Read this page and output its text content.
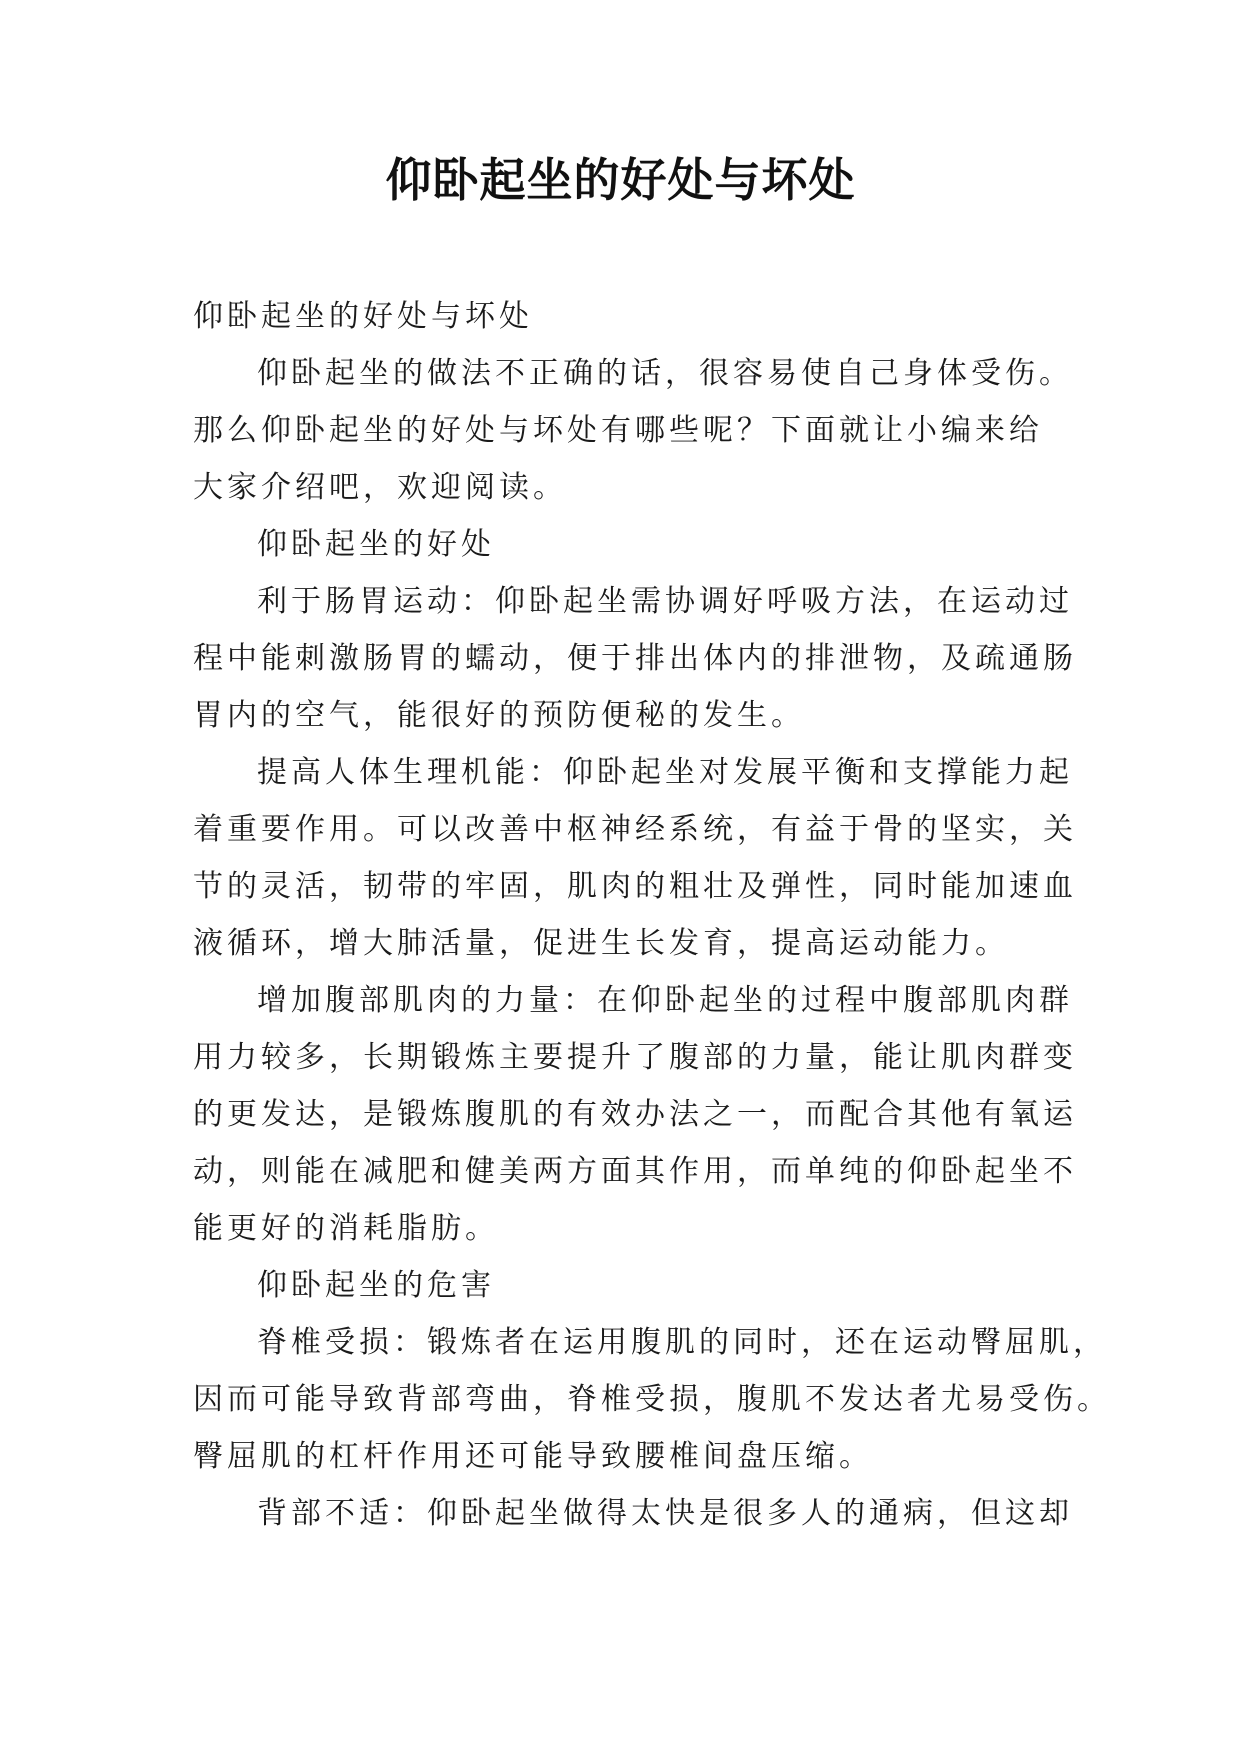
仰卧起坐的好处与坏处
仰卧起坐的好处与坏处
仰卧起坐的做法不正确的话，很容易使自己身体受伤。
那么仰卧起坐的好处与坏处有哪些呢？下面就让小编来给
大家介绍吧，欢迎阅读。
仰卧起坐的好处
利于肠胃运动：仰卧起坐需协调好呼吸方法，在运动过
程中能刺激肠胃的蠕动，便于排出体内的排泄物，及疏通肠
胃内的空气，能很好的预防便秘的发生。
提高人体生理机能：仰卧起坐对发展平衡和支撑能力起
着重要作用。可以改善中枢神经系统，有益于骨的坚实，关
节的灵活，韧带的牢固，肌肉的粗壮及弹性，同时能加速血
液循环，增大肺活量，促进生长发育，提高运动能力。
增加腹部肌肉的力量：在仰卧起坐的过程中腹部肌肉群
用力较多，长期锻炼主要提升了腹部的力量，能让肌肉群变
的更发达，是锻炼腹肌的有效办法之一，而配合其他有氧运
动，则能在减肥和健美两方面其作用，而单纯的仰卧起坐不
能更好的消耗脂肪。
仰卧起坐的危害
脊椎受损：锻炼者在运用腹肌的同时，还在运动臀屈肌，
因而可能导致背部弯曲，脊椎受损，腹肌不发达者尤易受伤。
臀屈肌的杠杆作用还可能导致腰椎间盘压缩。
背部不适：仰卧起坐做得太快是很多人的通病，但这却
